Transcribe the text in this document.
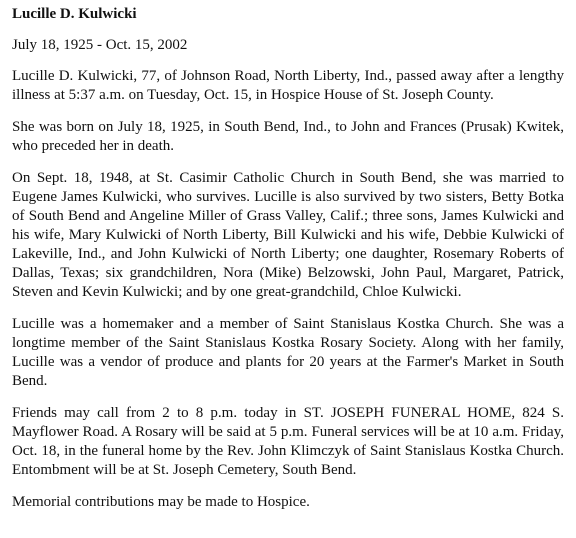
Lucille D. Kulwicki
July 18, 1925 - Oct. 15, 2002

Lucille D. Kulwicki, 77, of Johnson Road, North Liberty, Ind., passed away after a lengthy illness at 5:37 a.m. on Tuesday, Oct. 15, in Hospice House of St. Joseph County.

She was born on July 18, 1925, in South Bend, Ind., to John and Frances (Prusak) Kwitek, who preceded her in death.

On Sept. 18, 1948, at St. Casimir Catholic Church in South Bend, she was married to Eugene James Kulwicki, who survives. Lucille is also survived by two sisters, Betty Botka of South Bend and Angeline Miller of Grass Valley, Calif.; three sons, James Kulwicki and his wife, Mary Kulwicki of North Liberty, Bill Kulwicki and his wife, Debbie Kulwicki of Lakeville, Ind., and John Kulwicki of North Liberty; one daughter, Rosemary Roberts of Dallas, Texas; six grandchildren, Nora (Mike) Belzowski, John Paul, Margaret, Patrick, Steven and Kevin Kulwicki; and by one great-grandchild, Chloe Kulwicki.

Lucille was a homemaker and a member of Saint Stanislaus Kostka Church. She was a longtime member of the Saint Stanislaus Kostka Rosary Society. Along with her family, Lucille was a vendor of produce and plants for 20 years at the Farmer's Market in South Bend.

Friends may call from 2 to 8 p.m. today in ST. JOSEPH FUNERAL HOME, 824 S. Mayflower Road. A Rosary will be said at 5 p.m. Funeral services will be at 10 a.m. Friday, Oct. 18, in the funeral home by the Rev. John Klimczyk of Saint Stanislaus Kostka Church. Entombment will be at St. Joseph Cemetery, South Bend.

Memorial contributions may be made to Hospice.
